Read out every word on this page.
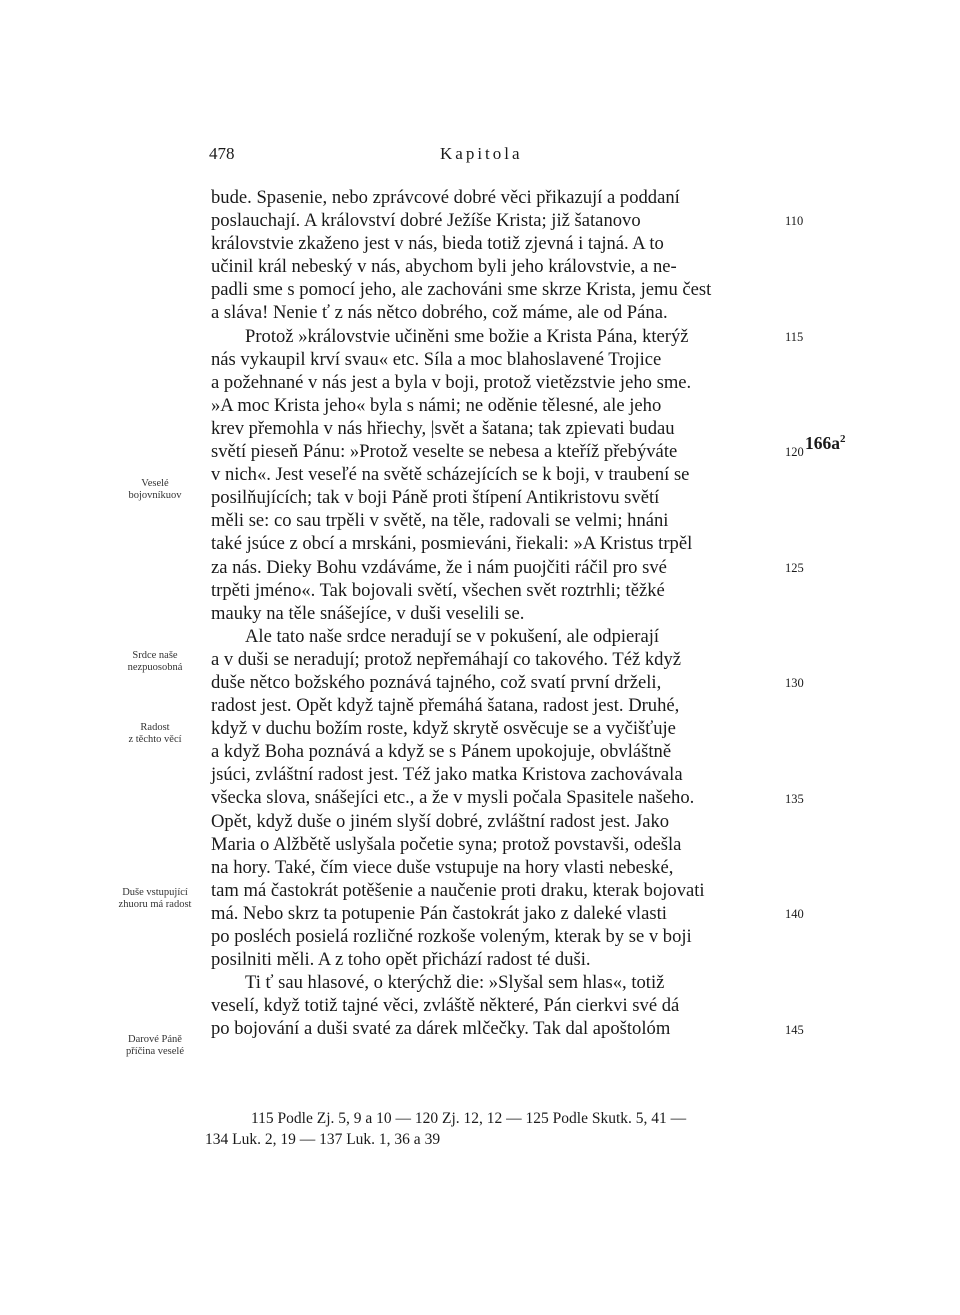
478	Kapitola
bude. Spasenie, nebo zprávcové dobré věci přikazují a poddaní
poslauchají. A království dobré Ježíše Krista; již šatanovo
královstvie zkaženo jest v nás, bieda totiž zjevná i tajná. A to
učinil král nebeský v nás, abychom byli jeho královstvie, a ne-
padli sme s pomocí jeho, ale zachováni sme skrze Krista, jemu čest
a sláva! Nenie ť z nás nětco dobrého, což máme, ale od Pána.
Protož »královstvie učiněni sme božie a Krista Pána, kterýž
nás vykaupil krví svau« etc. Síla a moc blahoslavené Trojice
a požehnané v nás jest a byla v boji, protož vietězstvie jeho sme.
»A moc Krista jeho« byla s námi; ne oděnie tělesné, ale jeho
krev přemohla v nás hřiechy, |svět a šatana; tak zpievati budau
světí pieseň Pánu: »Protož veselte se nebesa a kteříž přebýváte
v nich«. Jest veseľé na světě scházejících se k boji, v traubení se
posilňujících; tak v boji Páně proti štípení Antikristovu světí
měli se: co sau trpěli v světě, na těle, radovali se velmi; hnáni
také jsúce z obcí a mrskáni, posmieváni, řiekali: »A Kristus trpěl
za nás. Dieky Bohu vzdáváme, že i nám puojčiti ráčil pro své
trpěti jméno«. Tak bojovali světí, všechen svět roztrhli; těžké
mauky na těle snášejíce, v duši veselili se.
Ale tato naše srdce neradují se v pokušení, ale odpierají
a v duši se neradují; protož nepřemáhají co takového. Též když
duše nětco božského poznává tajného, což svatí první drželi,
radost jest. Opět když tajně přemáhá šatana, radost jest. Druhé,
když v duchu božím roste, když skrytě osvěcuje se a vyčišťuje
a když Boha poznává a když se s Pánem upokojuje, obvláštně
jsúci, zvláštní radost jest. Též jako matka Kristova zachovávala
všecka slova, snášejíci etc., a že v mysli počala Spasitele našeho.
Opět, když duše o jiném slyší dobré, zvláštní radost jest. Jako
Maria o Alžbětě uslyšala početie syna; protož povstavši, odešla
na hory. Také, čím viece duše vstupuje na hory vlasti nebeské,
tam má častokrát potěšenie a naučenie proti draku, kterak bojovati
má. Nebo skrz ta potupenie Pán častokrát jako z daleké vlasti
po posléch posielá rozličné rozkoše voleným, kterak by se v boji
posilniti měli. A z toho opět přichází radost té duši.
Ti ť sau hlasové, o kterýchž die: »Slyšal sem hlas«, totiž
veselí, když totiž tajné věci, zvláště některé, Pán cierkvi své dá
po bojování a duši svaté za dárek mlčečky. Tak dal apoštolóm
110
115
120
125
130
135
140
145
$166a^2$
Veselé
bojovníkuov
Srdce naše
nezpuosobná
Radost
z těchto věcí
Duše vstupující
zhuoru má radost
Darové Páně
příčina veselé
115 Podle Zj. 5, 9 a 10 — 120 Zj. 12, 12 — 125 Podle Skutk. 5, 41 —
134 Luk. 2, 19 — 137 Luk. 1, 36 a 39
